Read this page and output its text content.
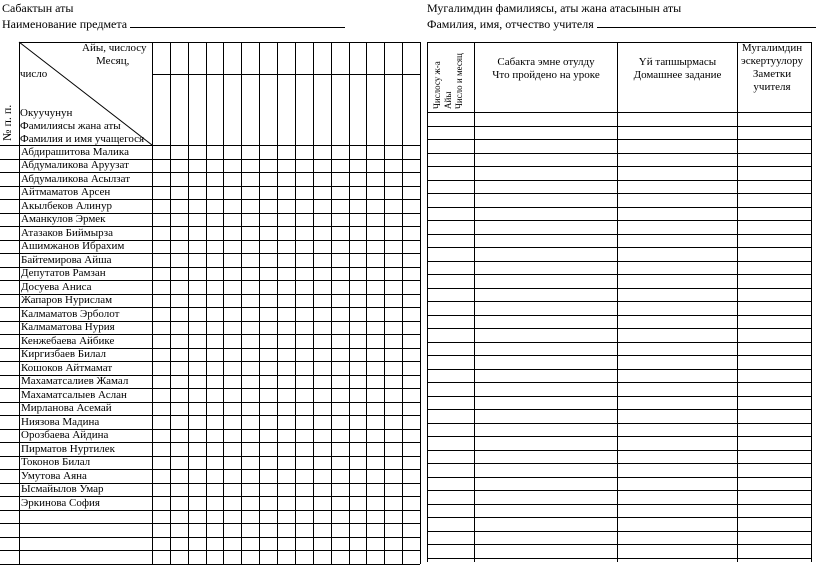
Сабактын аты
Наименование предмета
Мугалимдин фамилиясы, аты жана атасынын аты
Фамилия, имя, отчество учителя
№ п. п.
Айы, числосу
Месяц,
число
Окуучунун
Фамилиясы жана аты
Фамилия и имя учащегося
Абдирашитова Малика
Абдумаликова Аруузат
Абдумаликова Асылзат
Айтмаматов Арсен
Акылбеков Алинур
Аманкулов Эрмек
Атазаков Биймырза
Ашимжанов Ибрахим
Байтемирова Айша
Депутатов Рамзан
Досуева Аниса
Жапаров Нурислам
Калмаматов Эрболот
Калмаматова Нурия
Кенжебаева Айбике
Киргизбаев Билал
Кошоков Айтмамат
Махаматсалиев Жамал
Махаматсалыев Аслан
Мирланова Асемай
Ниязова Мадина
Орозбаева Айдина
Пирматов Нуртилек
Токонов Билал
Умутова Аяна
Ысмайылов Умар
Эркинова София
Числосу ж-а Айы Число и месяц	Сабакта эмне отулду
Что пройдено на уроке
Үй тапшырмасы
Домашнее задание
Мугалимдин
эскертуулору
Заметки
учителя
